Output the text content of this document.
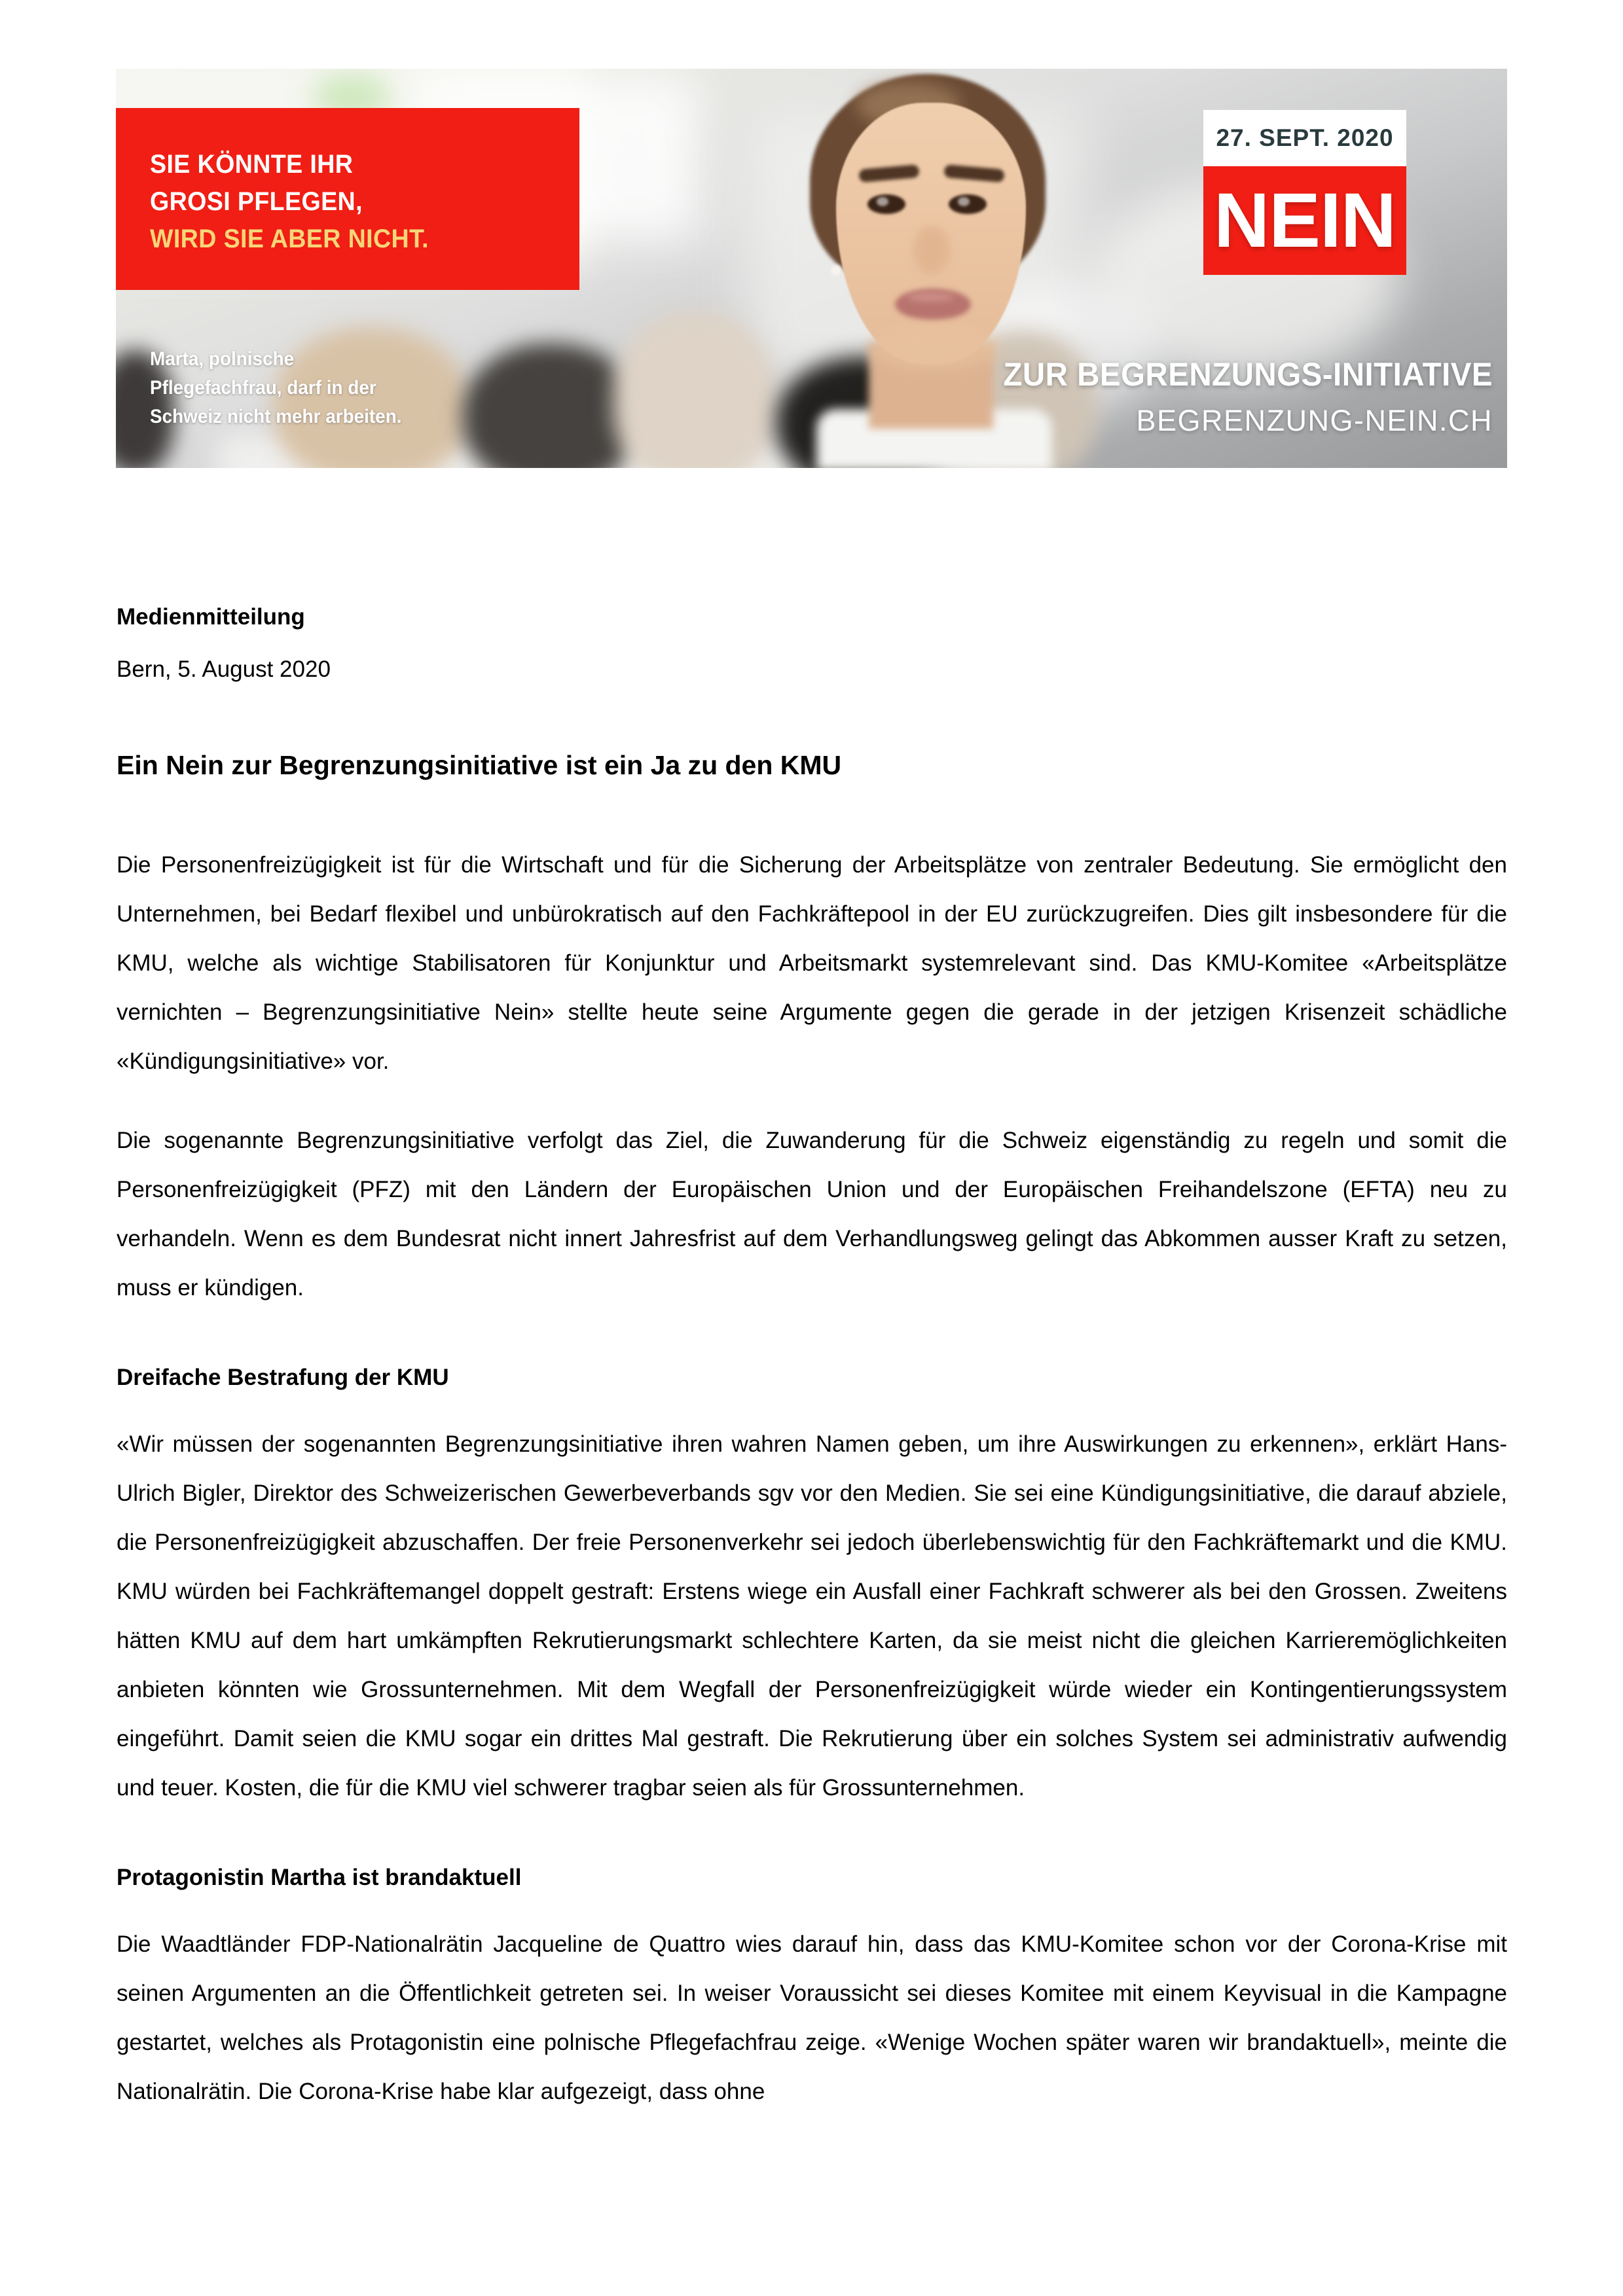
SIE KÖNNTE IHR
GROSI PFLEGEN,
WIRD SIE ABER NICHT.
Marta, polnische
Pflegefachfrau, darf in der
Schweiz nicht mehr arbeiten.
27. SEPT. 2020
NEIN
ZUR BEGRENZUNGS-INITIATIVE
BEGRENZUNG-NEIN.CH
Medienmitteilung
Bern, 5. August 2020
Ein Nein zur Begrenzungsinitiative ist ein Ja zu den KMU

Die Personenfreizügigkeit ist für die Wirtschaft und für die Sicherung der Arbeitsplätze von zentraler Bedeutung. Sie ermöglicht den Unternehmen, bei Bedarf flexibel und unbürokratisch auf den Fachkräftepool in der EU zurückzugreifen. Dies gilt insbesondere für die KMU, welche als wichtige Stabilisatoren für Konjunktur und Arbeitsmarkt systemrelevant sind. Das KMU-Komitee «Arbeitsplätze vernichten – Begrenzungsinitiative Nein» stellte heute seine Argumente gegen die gerade in der jetzigen Krisenzeit schädliche «Kündigungsinitiative» vor.

Die sogenannte Begrenzungsinitiative verfolgt das Ziel, die Zuwanderung für die Schweiz eigenständig zu regeln und somit die Personenfreizügigkeit (PFZ) mit den Ländern der Europäischen Union und der Europäischen Freihandelszone (EFTA) neu zu verhandeln. Wenn es dem Bundesrat nicht innert Jahresfrist auf dem Verhandlungsweg gelingt das Abkommen ausser Kraft zu setzen, muss er kündigen.

Dreifache Bestrafung der KMU

«Wir müssen der sogenannten Begrenzungsinitiative ihren wahren Namen geben, um ihre Auswirkungen zu erkennen», erklärt Hans-Ulrich Bigler, Direktor des Schweizerischen Gewerbeverbands sgv vor den Medien. Sie sei eine Kündigungsinitiative, die darauf abziele, die Personenfreizügigkeit abzuschaffen. Der freie Personenverkehr sei jedoch überlebenswichtig für den Fachkräftemarkt und die KMU. KMU würden bei Fachkräftemangel doppelt gestraft: Erstens wiege ein Ausfall einer Fachkraft schwerer als bei den Grossen. Zweitens hätten KMU auf dem hart umkämpften Rekrutierungsmarkt schlechtere Karten, da sie meist nicht die gleichen Karrieremöglichkeiten anbieten könnten wie Grossunternehmen. Mit dem Wegfall der Personenfreizügigkeit würde wieder ein Kontingentierungssystem eingeführt. Damit seien die KMU sogar ein drittes Mal gestraft. Die Rekrutierung über ein solches System sei administrativ aufwendig und teuer. Kosten, die für die KMU viel schwerer tragbar seien als für Grossunternehmen.

Protagonistin Martha ist brandaktuell

Die Waadtländer FDP-Nationalrätin Jacqueline de Quattro wies darauf hin, dass das KMU-Komitee schon vor der Corona-Krise mit seinen Argumenten an die Öffentlichkeit getreten sei. In weiser Voraussicht sei dieses Komitee mit einem Keyvisual in die Kampagne gestartet, welches als Protagonistin eine polnische Pflegefachfrau zeige. «Wenige Wochen später waren wir brandaktuell», meinte die Nationalrätin. Die Corona-Krise habe klar aufgezeigt, dass ohne
